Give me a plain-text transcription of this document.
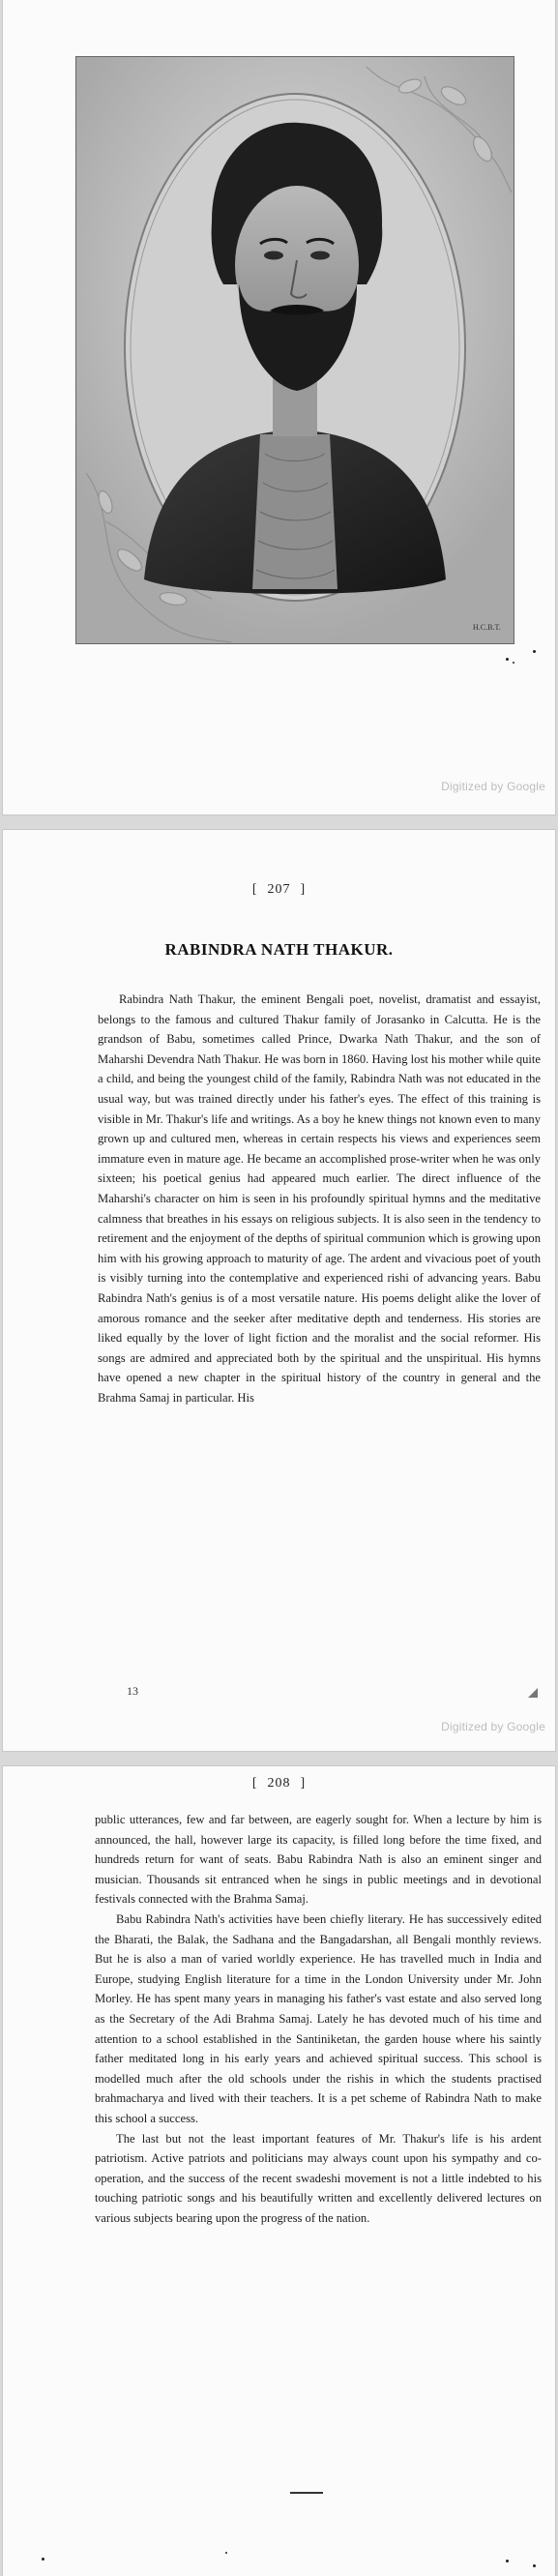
H.C.B.T.
Digitized by Google
[ 207 ]
RABINDRA NATH THAKUR.

Rabindra Nath Thakur, the eminent Bengali poet, novelist, dramatist and essayist, belongs to the famous and cultured Thakur family of Jorasanko in Calcutta. He is the grandson of Babu, sometimes called Prince, Dwarka Nath Thakur, and the son of Maharshi Devendra Nath Thakur. He was born in 1860. Having lost his mother while quite a child, and being the youngest child of the family, Rabindra Nath was not educated in the usual way, but was trained directly under his father's eyes. The effect of this training is visible in Mr. Thakur's life and writings. As a boy he knew things not known even to many grown up and cultured men, whereas in certain respects his views and experiences seem immature even in mature age. He became an accomplished prose-writer when he was only sixteen; his poetical genius had appeared much earlier. The direct influence of the Maharshi's character on him is seen in his profoundly spiritual hymns and the meditative calmness that breathes in his essays on religious subjects. It is also seen in the tendency to retirement and the enjoyment of the depths of spiritual communion which is growing upon him with his growing approach to maturity of age. The ardent and vivacious poet of youth is visibly turning into the contemplative and experienced rishi of advancing years. Babu Rabindra Nath's genius is of a most versatile nature. His poems delight alike the lover of amorous romance and the seeker after meditative depth and tenderness. His stories are liked equally by the lover of light fiction and the moralist and the social reformer. His songs are admired and appreciated both by the spiritual and the unspiritual. His hymns have opened a new chapter in the spiritual history of the country in general and the Brahma Samaj in particular. His

13
Digitized by Google
[ 208 ]

public utterances, few and far between, are eagerly sought for. When a lecture by him is announced, the hall, however large its capacity, is filled long before the time fixed, and hundreds return for want of seats. Babu Rabindra Nath is also an eminent singer and musician. Thousands sit entranced when he sings in public meetings and in devotional festivals connected with the Brahma Samaj.

Babu Rabindra Nath's activities have been chiefly literary. He has successively edited the Bharati, the Balak, the Sadhana and the Bangadarshan, all Bengali monthly reviews. But he is also a man of varied worldly experience. He has travelled much in India and Europe, studying English literature for a time in the London University under Mr. John Morley. He has spent many years in managing his father's vast estate and also served long as the Secretary of the Adi Brahma Samaj. Lately he has devoted much of his time and attention to a school established in the Santiniketan, the garden house where his saintly father meditated long in his early years and achieved spiritual success. This school is modelled much after the old schools under the rishis in which the students practised brahmacharya and lived with their teachers. It is a pet scheme of Rabindra Nath to make this school a success.

The last but not the least important features of Mr. Thakur's life is his ardent patriotism. Active patriots and politicians may always count upon his sympathy and co-operation, and the success of the recent swadeshi movement is not a little indebted to his touching patriotic songs and his beautifully written and excellently delivered lectures on various subjects bearing upon the progress of the nation.
